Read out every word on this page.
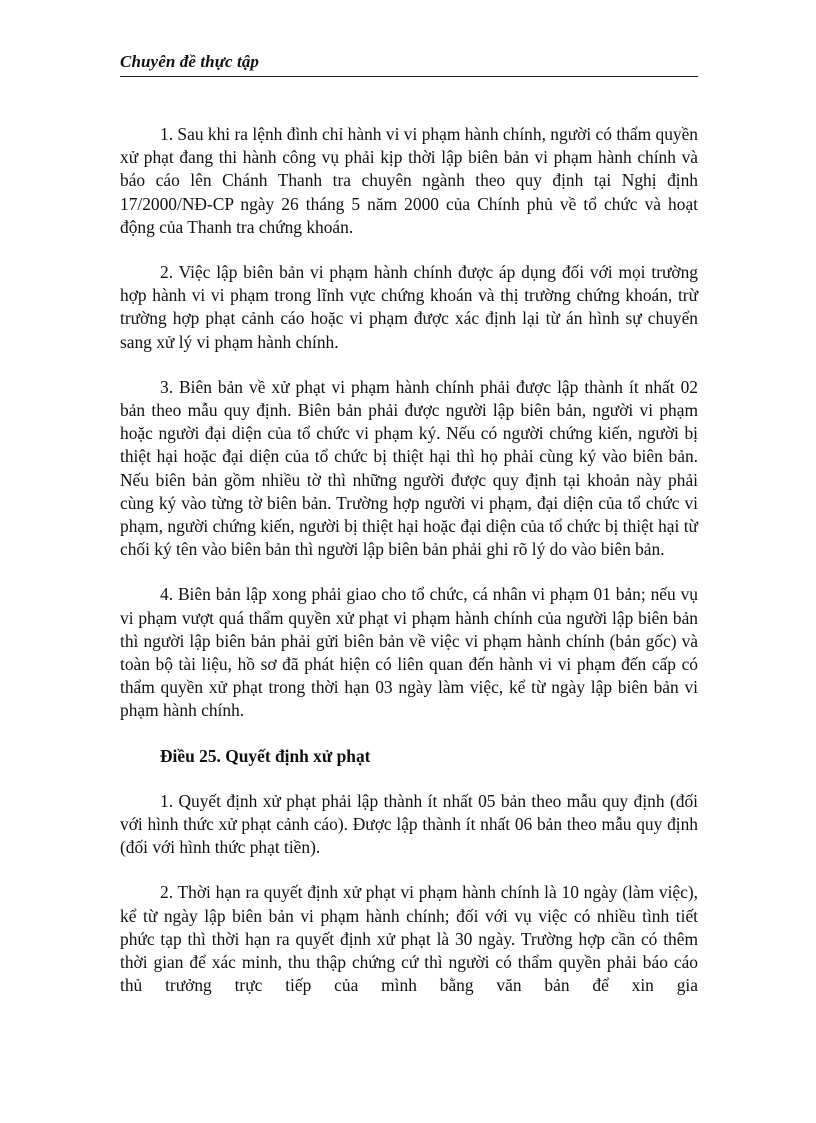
Chuyên đề thực tập

1. Sau khi ra lệnh đình chỉ hành vi vi phạm hành chính, người có thẩm quyền xử phạt đang thi hành công vụ phải kịp thời lập biên bản vi phạm hành chính và báo cáo lên Chánh Thanh tra chuyên ngành theo quy định tại Nghị định 17/2000/NĐ-CP ngày 26 tháng 5 năm 2000 của Chính phủ về tổ chức và hoạt động của Thanh tra chứng khoán.

2. Việc lập biên bản vi phạm hành chính được áp dụng đối với mọi trường hợp hành vi vi phạm trong lĩnh vực chứng khoán và thị trường chứng khoán, trừ trường hợp phạt cảnh cáo hoặc vi phạm được xác định lại từ án hình sự chuyển sang xử lý vi phạm hành chính.

3. Biên bản về xử phạt vi phạm hành chính phải được lập thành ít nhất 02 bản theo mẫu quy định. Biên bản phải được người lập biên bản, người vi phạm hoặc người đại diện của tổ chức vi phạm ký. Nếu có người chứng kiến, người bị thiệt hại hoặc đại diện của tổ chức bị thiệt hại thì họ phải cùng ký vào biên bản. Nếu biên bản gồm nhiều tờ thì những người được quy định tại khoản này phải cùng ký vào từng tờ biên bản. Trường hợp người vi phạm, đại diện của tổ chức vi phạm, người chứng kiến, người bị thiệt hại hoặc đại diện của tổ chức bị thiệt hại từ chối ký tên vào biên bản thì người lập biên bản phải ghi rõ lý do vào biên bản.

4. Biên bản lập xong phải giao cho tổ chức, cá nhân vi phạm 01 bản; nếu vụ vi phạm vượt quá thẩm quyền xử phạt vi phạm hành chính của người lập biên bản thì người lập biên bản phải gửi biên bản về việc vi phạm hành chính (bản gốc) và toàn bộ tài liệu, hồ sơ đã phát hiện có liên quan đến hành vi vi phạm đến cấp có thẩm quyền xử phạt trong thời hạn 03 ngày làm việc, kể từ ngày lập biên bản vi phạm hành chính.

Điều 25. Quyết định xử phạt

1. Quyết định xử phạt phải lập thành ít nhất 05 bản theo mẫu quy định (đối với hình thức xử phạt cảnh cáo). Được lập thành ít nhất 06 bản theo mẫu quy định (đối với hình thức phạt tiền).

2. Thời hạn ra quyết định xử phạt vi phạm hành chính là 10 ngày (làm việc), kể từ ngày lập biên bản vi phạm hành chính; đối với vụ việc có nhiều tình tiết phức tạp thì thời hạn ra quyết định xử phạt là 30 ngày. Trường hợp cần có thêm thời gian để xác minh, thu thập chứng cứ thì người có thẩm quyền phải báo cáo thủ trưởng trực tiếp của mình bằng văn bản để xin gia
